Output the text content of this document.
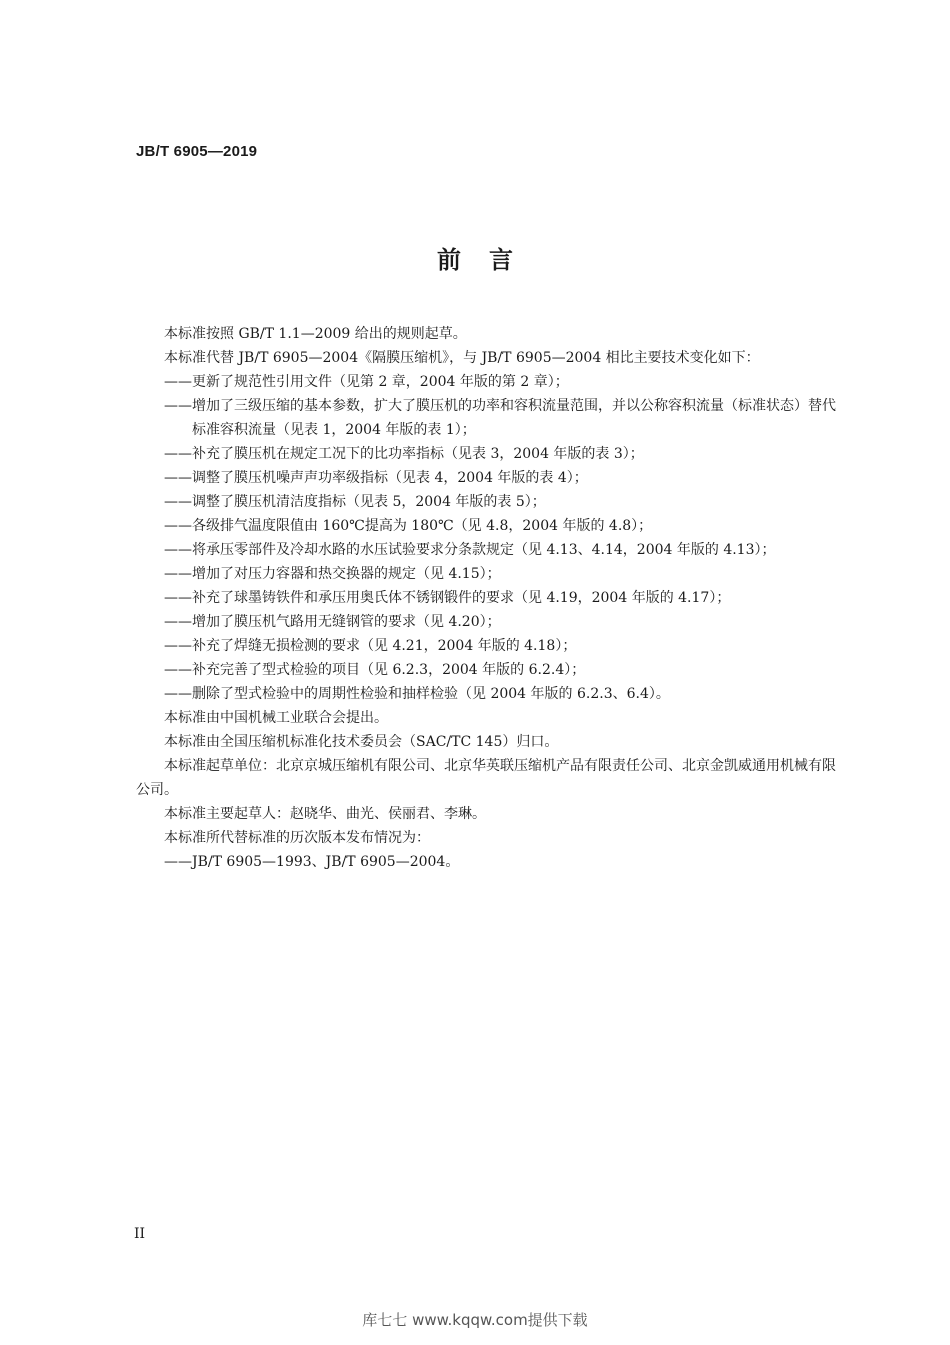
JB/T 6905—2019
前言

本标准按照 GB/T 1.1—2009 给出的规则起草。

本标准代替 JB/T 6905—2004《隔膜压缩机》，与 JB/T 6905—2004 相比主要技术变化如下：

——更新了规范性引用文件（见第 2 章，2004 年版的第 2 章）；

——增加了三级压缩的基本参数，扩大了膜压机的功率和容积流量范围，并以公称容积流量（标准状态）替代标准容积流量（见表 1，2004 年版的表 1）；

——补充了膜压机在规定工况下的比功率指标（见表 3，2004 年版的表 3）；

——调整了膜压机噪声声功率级指标（见表 4，2004 年版的表 4）；

——调整了膜压机清洁度指标（见表 5，2004 年版的表 5）；

——各级排气温度限值由 160℃提高为 180℃（见 4.8，2004 年版的 4.8）；

——将承压零部件及冷却水路的水压试验要求分条款规定（见 4.13、4.14，2004 年版的 4.13）；

——增加了对压力容器和热交换器的规定（见 4.15）；

——补充了球墨铸铁件和承压用奥氏体不锈钢锻件的要求（见 4.19，2004 年版的 4.17）；

——增加了膜压机气路用无缝钢管的要求（见 4.20）；

——补充了焊缝无损检测的要求（见 4.21，2004 年版的 4.18）；

——补充完善了型式检验的项目（见 6.2.3，2004 年版的 6.2.4）；

——删除了型式检验中的周期性检验和抽样检验（见 2004 年版的 6.2.3、6.4）。

本标准由中国机械工业联合会提出。

本标准由全国压缩机标准化技术委员会（SAC/TC 145）归口。

本标准起草单位：北京京城压缩机有限公司、北京华英联压缩机产品有限责任公司、北京金凯威通用机械有限公司。

本标准主要起草人：赵晓华、曲光、侯丽君、李琳。

本标准所代替标准的历次版本发布情况为：

——JB/T 6905—1993、JB/T 6905—2004。

II
库七七 www.kqqw.com提供下载
